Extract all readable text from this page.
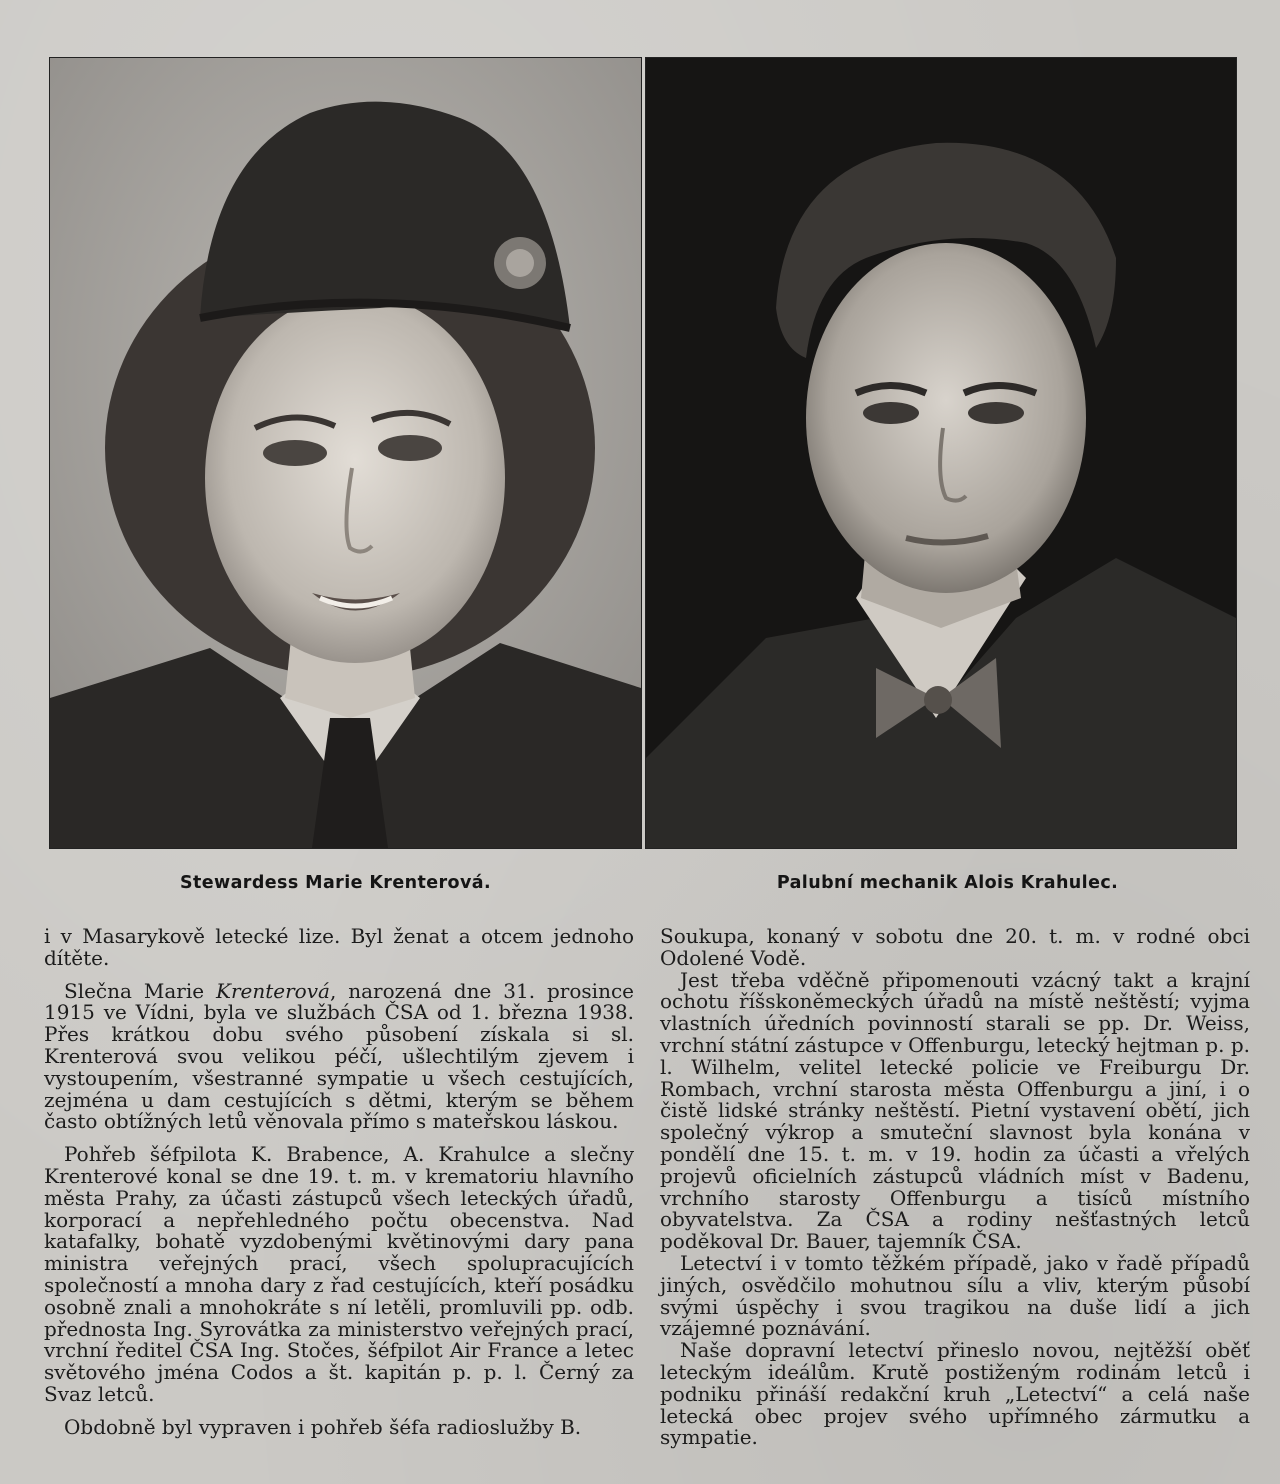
Stewardess Marie Krenterová.	Palubní mechanik Alois Krahulec.

i v Masarykově letecké lize. Byl ženat a otcem jednoho dítěte.

Slečna Marie Krenterová, narozená dne 31. prosince 1915 ve Vídni, byla ve službách ČSA od 1. března 1938. Přes krátkou dobu svého působení získala si sl. Krenterová svou velikou péčí, ušlechtilým zjevem i vystoupením, všestranné sympatie u všech cestujících, zejména u dam cestujících s dětmi, kterým se během často obtížných letů věnovala přímo s mateřskou láskou.

Pohřeb šéfpilota K. Brabence, A. Krahulce a slečny Krenterové konal se dne 19. t. m. v krematoriu hlavního města Prahy, za účasti zástupců všech leteckých úřadů, korporací a nepřehledného počtu obecenstva. Nad katafalky, bohatě vyzdobenými květinovými dary pana ministra veřejných prací, všech spolupracujících společností a mnoha dary z řad cestujících, kteří posádku osobně znali a mnohokráte s ní letěli, promluvili pp. odb. přednosta Ing. Syrovátka za ministerstvo veřejných prací, vrchní ředitel ČSA Ing. Stočes, šéfpilot Air France a letec světového jména Codos a št. kapitán p. p. l. Černý za Svaz letců.

Obdobně byl vypraven i pohřeb šéfa radioslužby B.

Soukupa, konaný v sobotu dne 20. t. m. v rodné obci Odolené Vodě.

Jest třeba vděčně připomenouti vzácný takt a krajní ochotu říšskoněmeckých úřadů na místě neštěstí; vyjma vlastních úředních povinností starali se pp. Dr. Weiss, vrchní státní zástupce v Offenburgu, letecký hejtman p. p. l. Wilhelm, velitel letecké policie ve Freiburgu Dr. Rombach, vrchní starosta města Offenburgu a jiní, i o čistě lidské stránky neštěstí. Pietní vystavení obětí, jich společný výkrop a smuteční slavnost byla konána v pondělí dne 15. t. m. v 19. hodin za účasti a vřelých projevů oficielních zástupců vládních míst v Badenu, vrchního starosty Offenburgu a tisíců místního obyvatelstva. Za ČSA a rodiny nešťastných letců poděkoval Dr. Bauer, tajemník ČSA.

Letectví i v tomto těžkém případě, jako v řadě případů jiných, osvědčilo mohutnou sílu a vliv, kterým působí svými úspěchy i svou tragikou na duše lidí a jich vzájemné poznávání.

Naše dopravní letectví přineslo novou, nejtěžší oběť leteckým ideálům. Krutě postiženým rodinám letců i podniku přináší redakční kruh „Letectví“ a celá naše letecká obec projev svého upřímného zármutku a sympatie.
